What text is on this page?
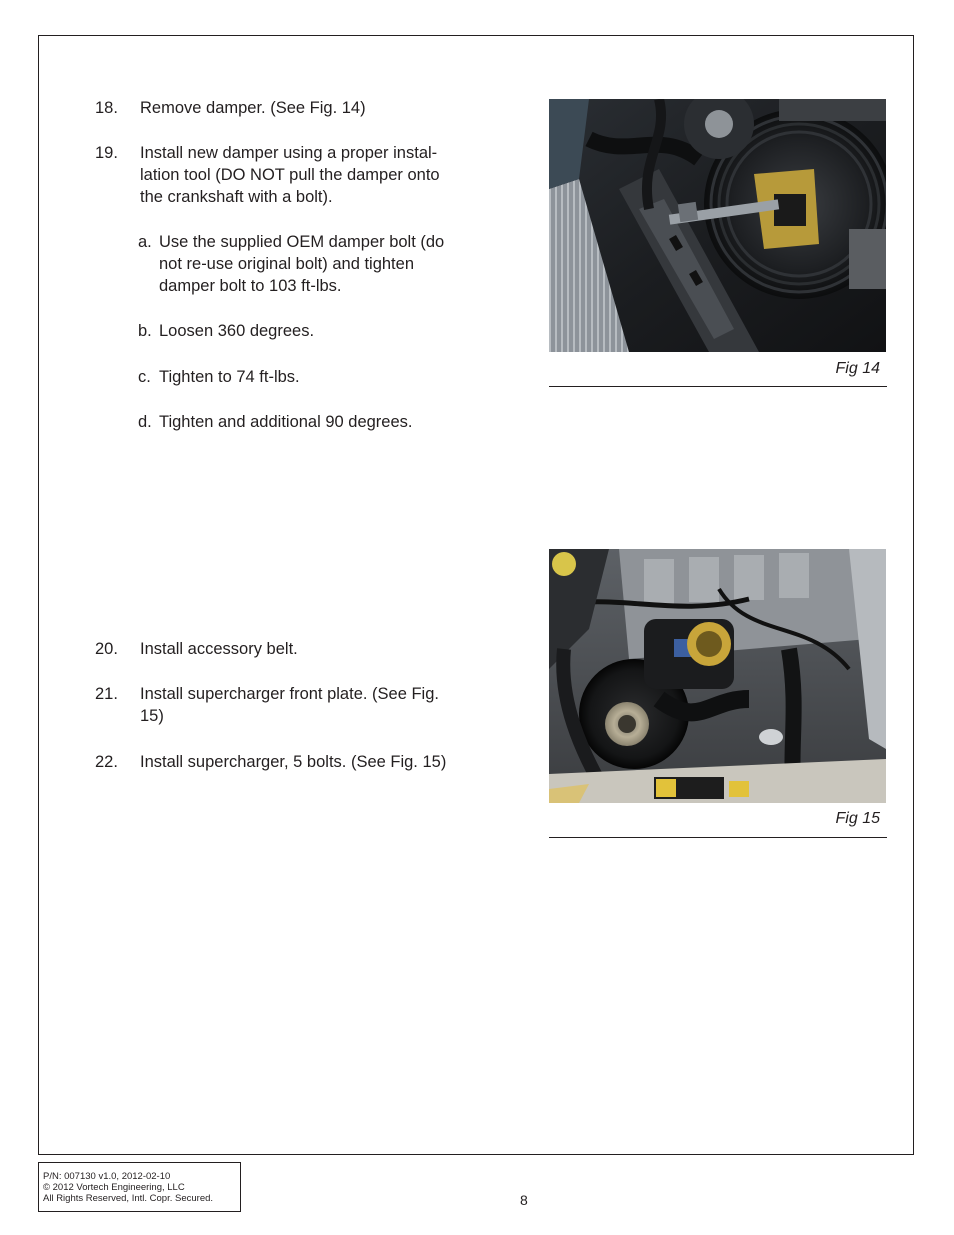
18. Remove damper. (See Fig. 14)
19. Install new damper using a proper instal-lation tool (DO NOT pull the damper onto the crankshaft with a bolt).
a. Use the supplied OEM damper bolt (do not re-use original bolt) and tighten damper bolt to 103 ft-lbs.
b. Loosen 360 degrees.
c. Tighten to 74 ft-lbs.
d. Tighten and additional 90 degrees.
20. Install accessory belt.
21. Install supercharger front plate. (See Fig. 15)
22. Install supercharger, 5 bolts. (See Fig. 15)
Fig 14
Fig 15
P/N: 007130 v1.0, 2012-02-10
© 2012 Vortech Engineering, LLC
All Rights Reserved, Intl. Copr. Secured.	8
